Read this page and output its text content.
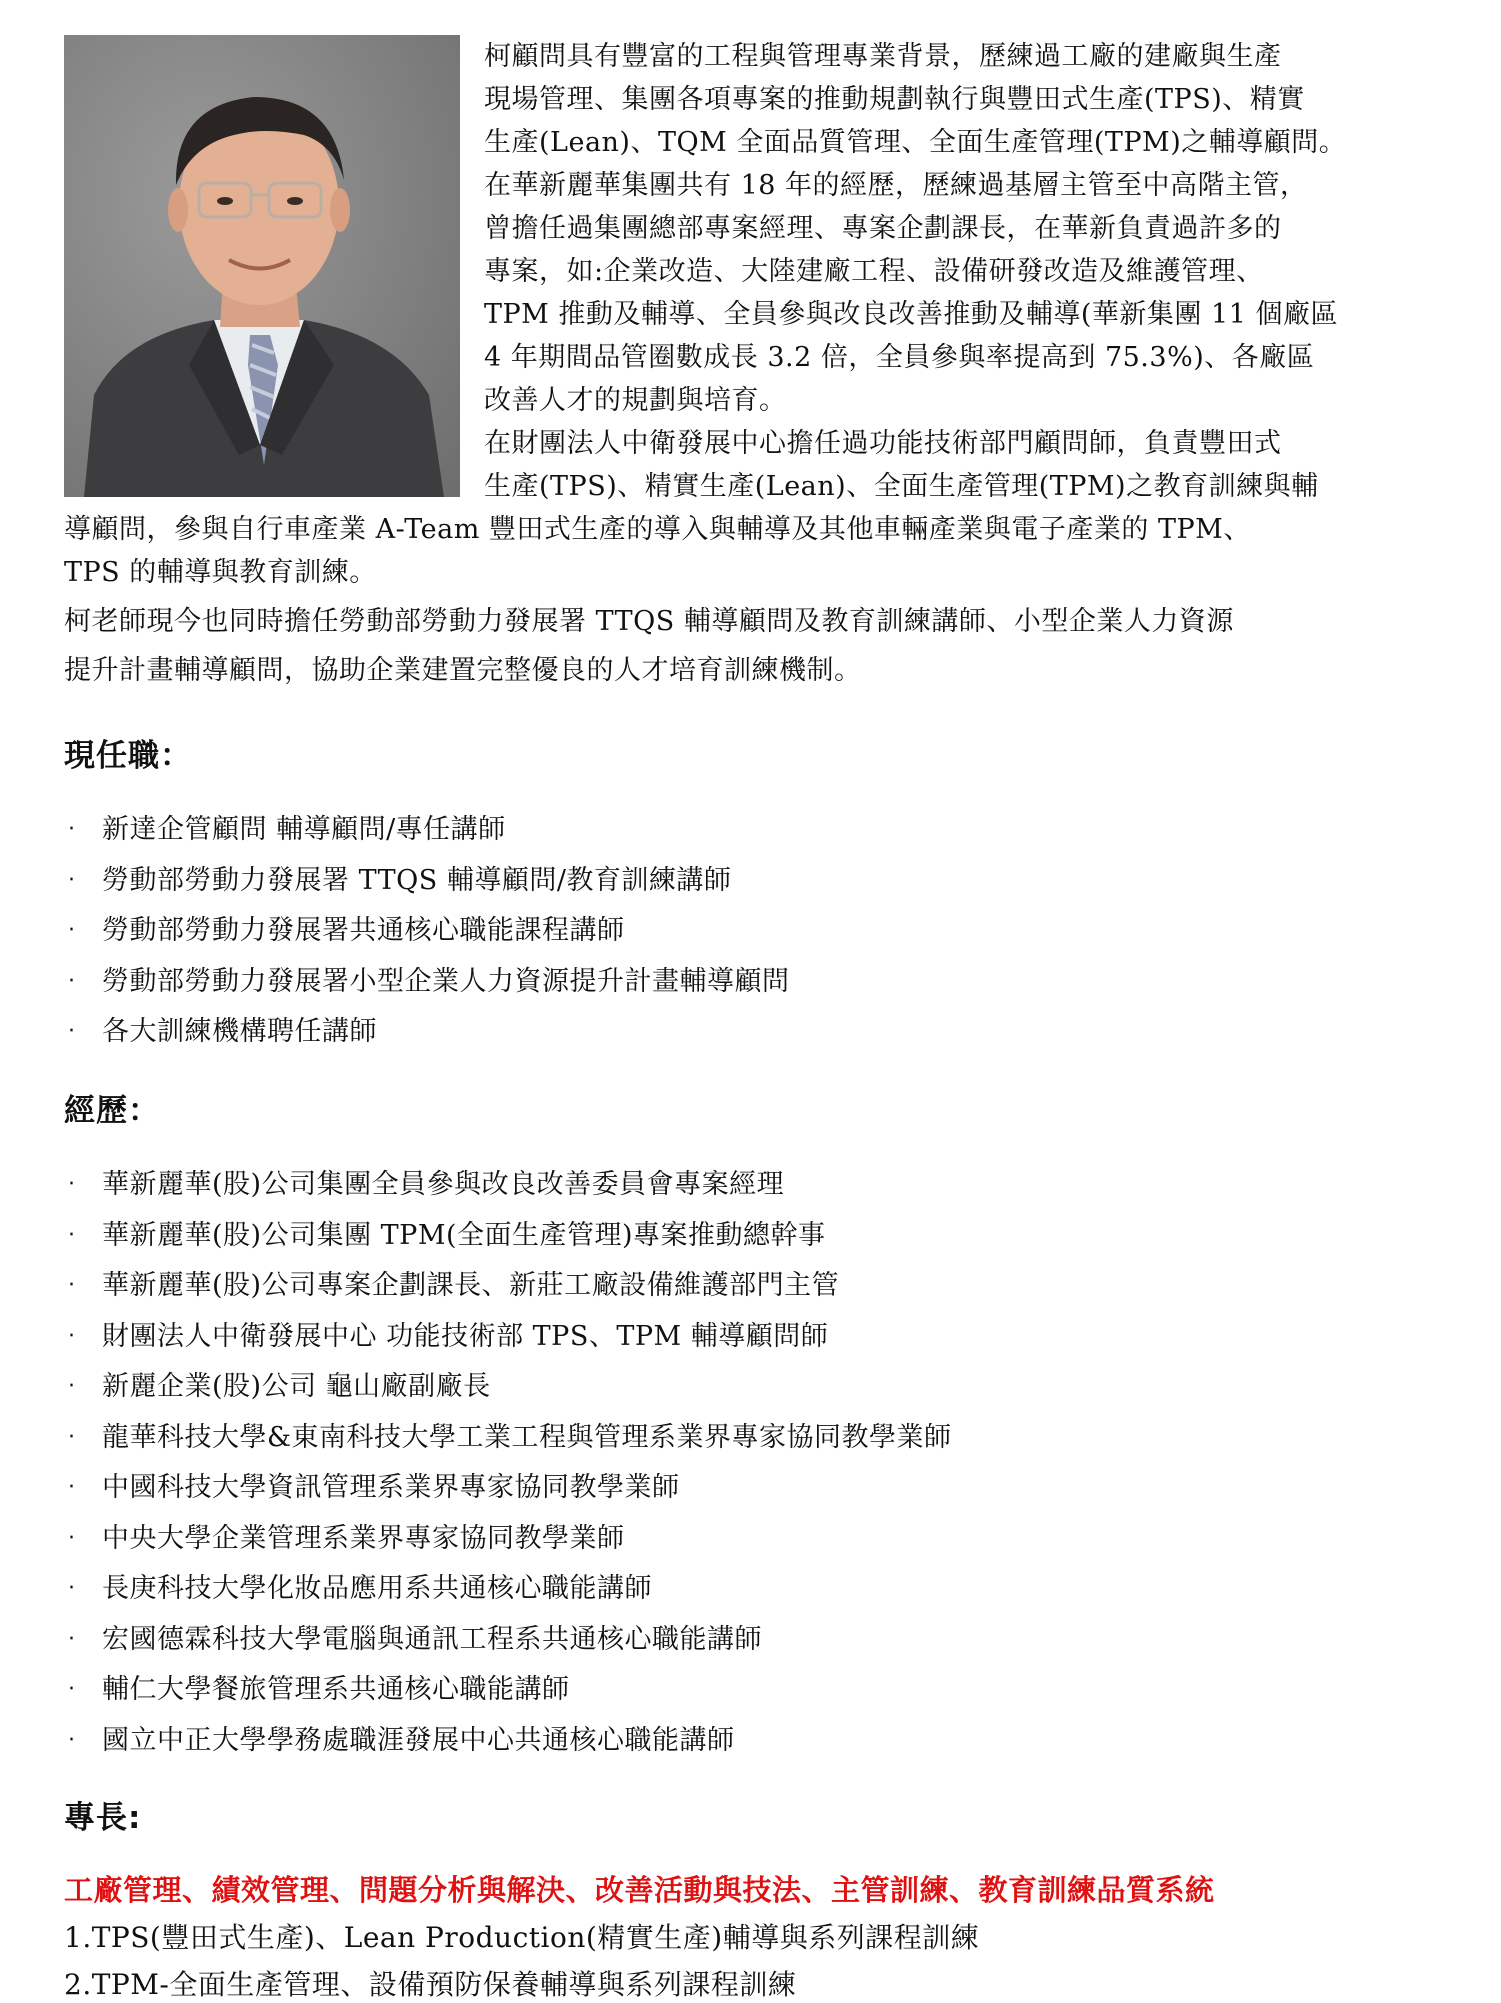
柯顧問具有豐富的工程與管理專業背景，歷練過工廠的建廠與生產
現場管理、集團各項專案的推動規劃執行與豐田式生產(TPS)、精實
生產(Lean)、TQM 全面品質管理、全面生產管理(TPM)之輔導顧問。
在華新麗華集團共有 18 年的經歷，歷練過基層主管至中高階主管，
曾擔任過集團總部專案經理、專案企劃課長，在華新負責過許多的
專案，如:企業改造、大陸建廠工程、設備研發改造及維護管理、
TPM 推動及輔導、全員參與改良改善推動及輔導(華新集團 11 個廠區
4 年期間品管圈數成長 3.2 倍，全員參與率提高到 75.3%)、各廠區
改善人才的規劃與培育。
在財團法人中衛發展中心擔任過功能技術部門顧問師，負責豐田式
生產(TPS)、精實生產(Lean)、全面生產管理(TPM)之教育訓練與輔
導顧問，參與自行車產業 A-Team 豐田式生產的導入與輔導及其他車輛產業與電子產業的 TPM、
TPS 的輔導與教育訓練。
柯老師現今也同時擔任勞動部勞動力發展署 TTQS 輔導顧問及教育訓練講師、小型企業人力資源
提升計畫輔導顧問，協助企業建置完整優良的人才培育訓練機制。
現任職：
‧ 新達企管顧問 輔導顧問/專任講師
‧ 勞動部勞動力發展署 TTQS 輔導顧問/教育訓練講師
‧ 勞動部勞動力發展署共通核心職能課程講師
‧ 勞動部勞動力發展署小型企業人力資源提升計畫輔導顧問
‧ 各大訓練機構聘任講師
經歷：
‧ 華新麗華(股)公司集團全員參與改良改善委員會專案經理
‧ 華新麗華(股)公司集團 TPM(全面生產管理)專案推動總幹事
‧ 華新麗華(股)公司專案企劃課長、新莊工廠設備維護部門主管
‧ 財團法人中衛發展中心 功能技術部 TPS、TPM 輔導顧問師
‧ 新麗企業(股)公司 龜山廠副廠長
‧ 龍華科技大學&東南科技大學工業工程與管理系業界專家協同教學業師
‧ 中國科技大學資訊管理系業界專家協同教學業師
‧ 中央大學企業管理系業界專家協同教學業師
‧ 長庚科技大學化妝品應用系共通核心職能講師
‧ 宏國德霖科技大學電腦與通訊工程系共通核心職能講師
‧ 輔仁大學餐旅管理系共通核心職能講師
‧ 國立中正大學學務處職涯發展中心共通核心職能講師
專長:
工廠管理、績效管理、問題分析與解決、改善活動與技法、主管訓練、教育訓練品質系統
1.TPS(豐田式生產)、Lean Production(精實生產)輔導與系列課程訓練
2.TPM-全面生產管理、設備預防保養輔導與系列課程訓練
